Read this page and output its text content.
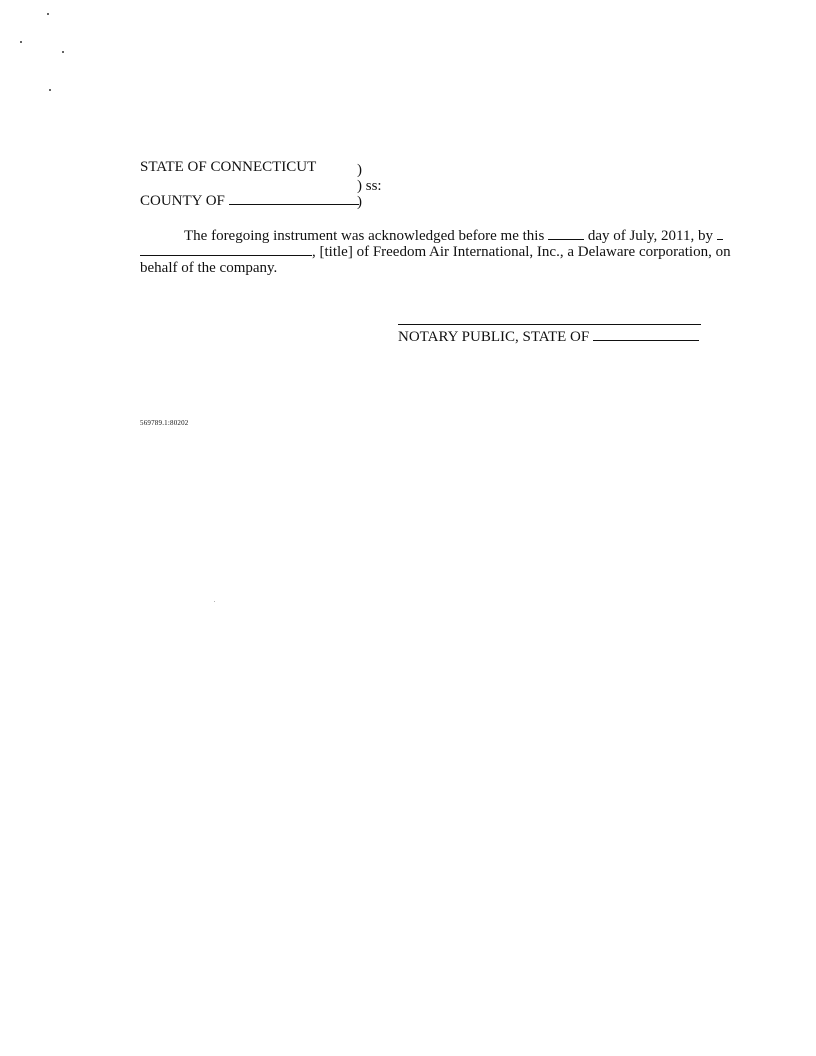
STATE OF CONNECTICUT	)
) ss:
COUNTY OF	)
The foregoing instrument was acknowledged before me this	day of July, 2011, by
, [title] of Freedom Air International, Inc., a Delaware corporation, on
behalf of the company.
NOTARY PUBLIC, STATE OF
569789.1:80202
